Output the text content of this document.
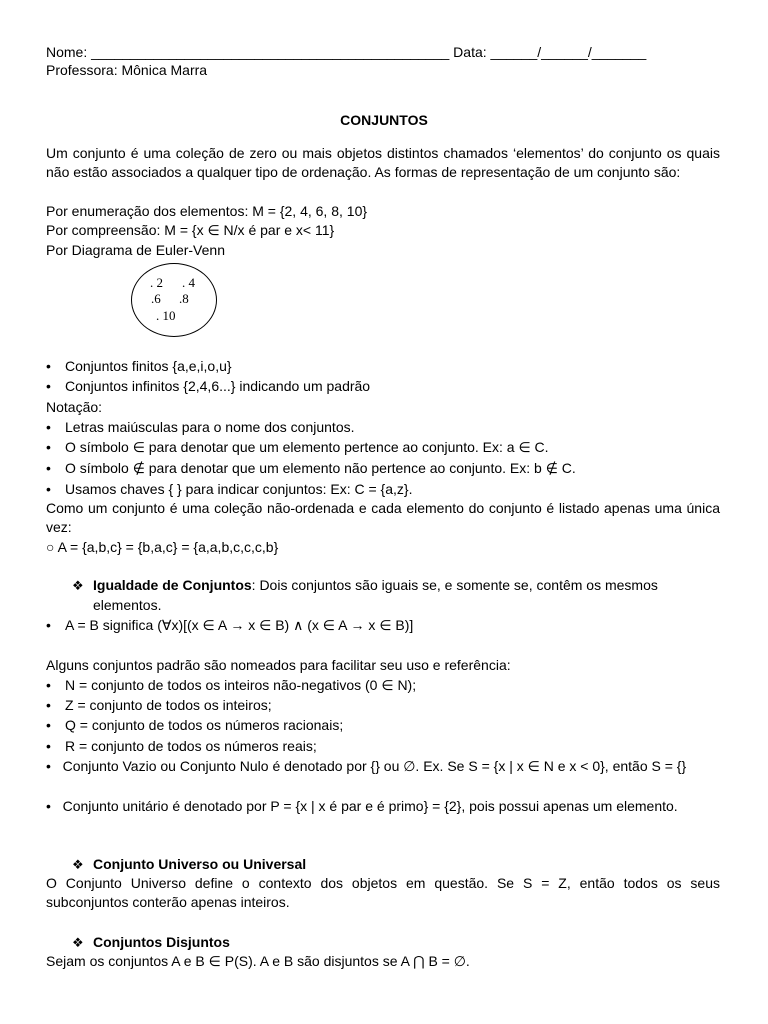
Nome: ______________________________________________ Data: ______/______/_______
Professora: Mônica Marra
CONJUNTOS
Um conjunto é uma coleção de zero ou mais objetos distintos chamados ‘elementos’ do conjunto os quais não estão associados a qualquer tipo de ordenação. As formas de representação de um conjunto são:
Por enumeração dos elementos: M = {2, 4, 6, 8, 10}
Por compreensão: M = {x ∈ N/x é par e x< 11}
Por Diagrama de Euler-Venn
. 2 . 4
.6 .8
. 10
• Conjuntos finitos {a,e,i,o,u}
• Conjuntos infinitos {2,4,6...} indicando um padrão
Notação:
• Letras maiúsculas para o nome dos conjuntos.
• O símbolo ∈ para denotar que um elemento pertence ao conjunto. Ex: a ∈ C.
• O símbolo ∉ para denotar que um elemento não pertence ao conjunto. Ex: b ∉ C.
• Usamos chaves { } para indicar conjuntos: Ex: C = {a,z}.
Como um conjunto é uma coleção não-ordenada e cada elemento do conjunto é listado apenas uma única vez:
○ A = {a,b,c} = {b,a,c} = {a,a,b,c,c,c,b}
❖ Igualdade de Conjuntos: Dois conjuntos são iguais se, e somente se, contêm os mesmos
elementos.
• A = B significa (∀x)[(x ∈ A → x ∈ B) ∧ (x ∈ A → x ∈ B)]
Alguns conjuntos padrão são nomeados para facilitar seu uso e referência:
• N = conjunto de todos os inteiros não-negativos (0 ∈ N);
• Z = conjunto de todos os inteiros;
• Q = conjunto de todos os números racionais;
• R = conjunto de todos os números reais;
• Conjunto Vazio ou Conjunto Nulo é denotado por {} ou ∅. Ex. Se S = {x | x ∈ N e x < 0}, então S = {}
• Conjunto unitário é denotado por P = {x | x é par e é primo} = {2}, pois possui apenas um elemento.
❖ Conjunto Universo ou Universal
O Conjunto Universo define o contexto dos objetos em questão. Se S = Z, então todos os seus subconjuntos conterão apenas inteiros.
❖ Conjuntos Disjuntos
Sejam os conjuntos A e B ∈ P(S). A e B são disjuntos se A ⋂ B = ∅.
